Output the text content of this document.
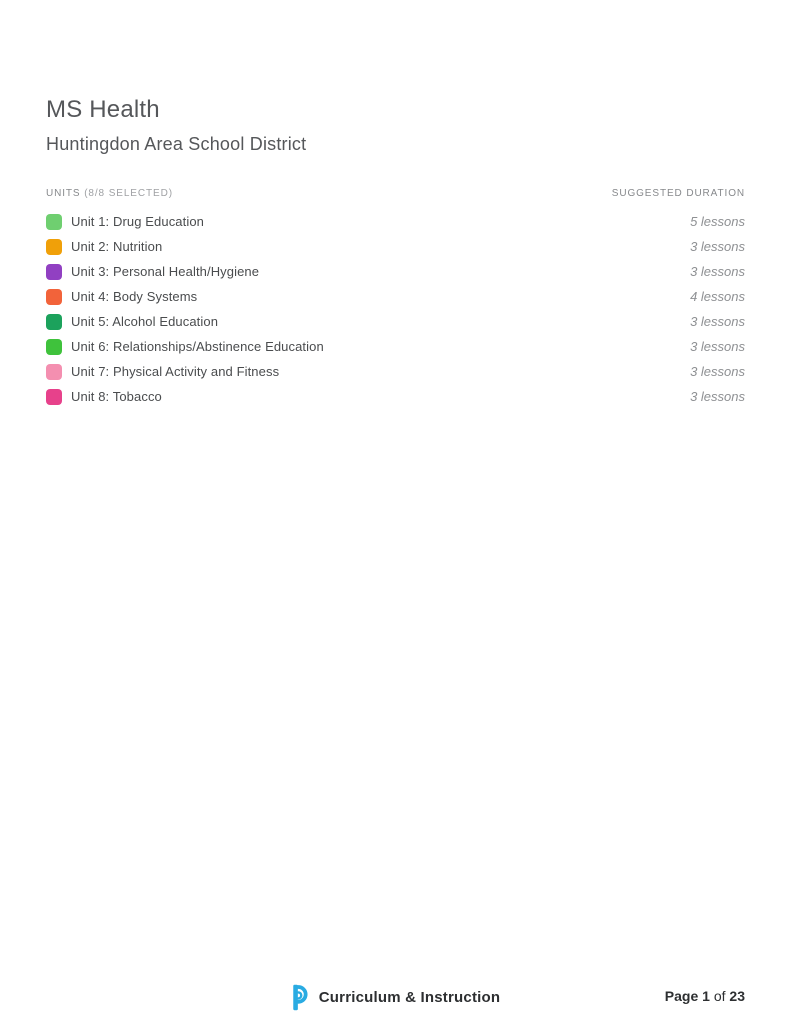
MS Health
Huntingdon Area School District
UNITS (8/8 SELECTED)	SUGGESTED DURATION
Unit 1: Drug Education	5 lessons
Unit 2: Nutrition	3 lessons
Unit 3: Personal Health/Hygiene	3 lessons
Unit 4: Body Systems	4 lessons
Unit 5: Alcohol Education	3 lessons
Unit 6: Relationships/Abstinence Education	3 lessons
Unit 7: Physical Activity and Fitness	3 lessons
Unit 8: Tobacco	3 lessons
Curriculum & Instruction	Page 1 of 23
